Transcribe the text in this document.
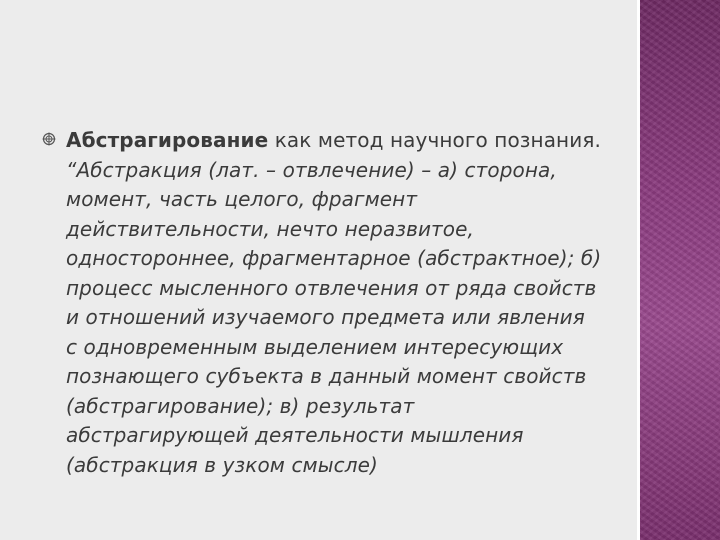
Абстрагирование как метод научного познания. “Абстракция (лат. – отвлечение) – а) сторона, момент, часть целого, фрагмент действительности, нечто неразвитое, одностороннее, фрагментарное (абстрактное); б) процесс мысленного отвлечения от ряда свойств и отношений изучаемого предмета или явления с одновременным выделением интересующих познающего субъекта в данный момент свойств (абстрагирование); в) результат абстрагирующей деятельности мышления (абстракция в узком смысле)
